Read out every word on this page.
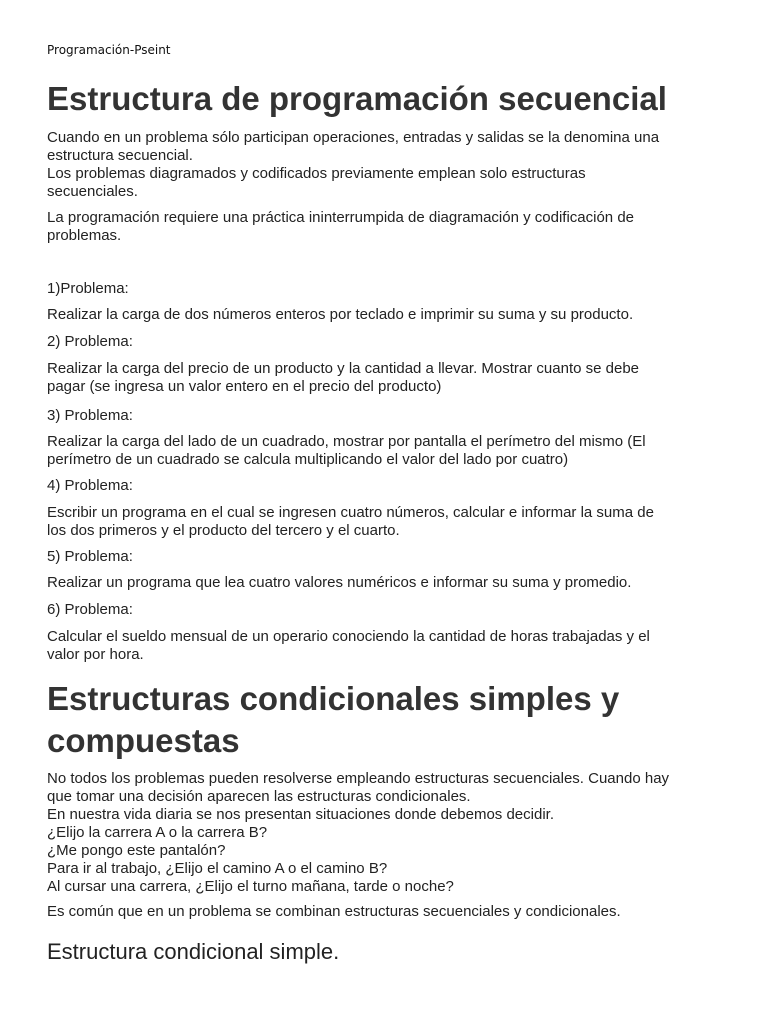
Programación-Pseint
Estructura de programación secuencial

Cuando en un problema sólo participan operaciones, entradas y salidas se la denomina una
estructura secuencial.
Los problemas diagramados y codificados previamente emplean solo estructuras
secuenciales.

La programación requiere una práctica ininterrumpida de diagramación y codificación de
problemas.

1)Problema:

Realizar la carga de dos números enteros por teclado e imprimir su suma y su producto.

2) Problema:

Realizar la carga del precio de un producto y la cantidad a llevar. Mostrar cuanto se debe
pagar (se ingresa un valor entero en el precio del producto)

3) Problema:

Realizar la carga del lado de un cuadrado, mostrar por pantalla el perímetro del mismo (El
perímetro de un cuadrado se calcula multiplicando el valor del lado por cuatro)

4) Problema:

Escribir un programa en el cual se ingresen cuatro números, calcular e informar la suma de
los dos primeros y el producto del tercero y el cuarto.

5) Problema:

Realizar un programa que lea cuatro valores numéricos e informar su suma y promedio.

6) Problema:

Calcular el sueldo mensual de un operario conociendo la cantidad de horas trabajadas y el
valor por hora.

Estructuras condicionales simples y
compuestas

No todos los problemas pueden resolverse empleando estructuras secuenciales. Cuando hay
que tomar una decisión aparecen las estructuras condicionales.
En nuestra vida diaria se nos presentan situaciones donde debemos decidir.
¿Elijo la carrera A o la carrera B?
¿Me pongo este pantalón?
Para ir al trabajo, ¿Elijo el camino A o el camino B?
Al cursar una carrera, ¿Elijo el turno mañana, tarde o noche?

Es común que en un problema se combinan estructuras secuenciales y condicionales.

Estructura condicional simple.
